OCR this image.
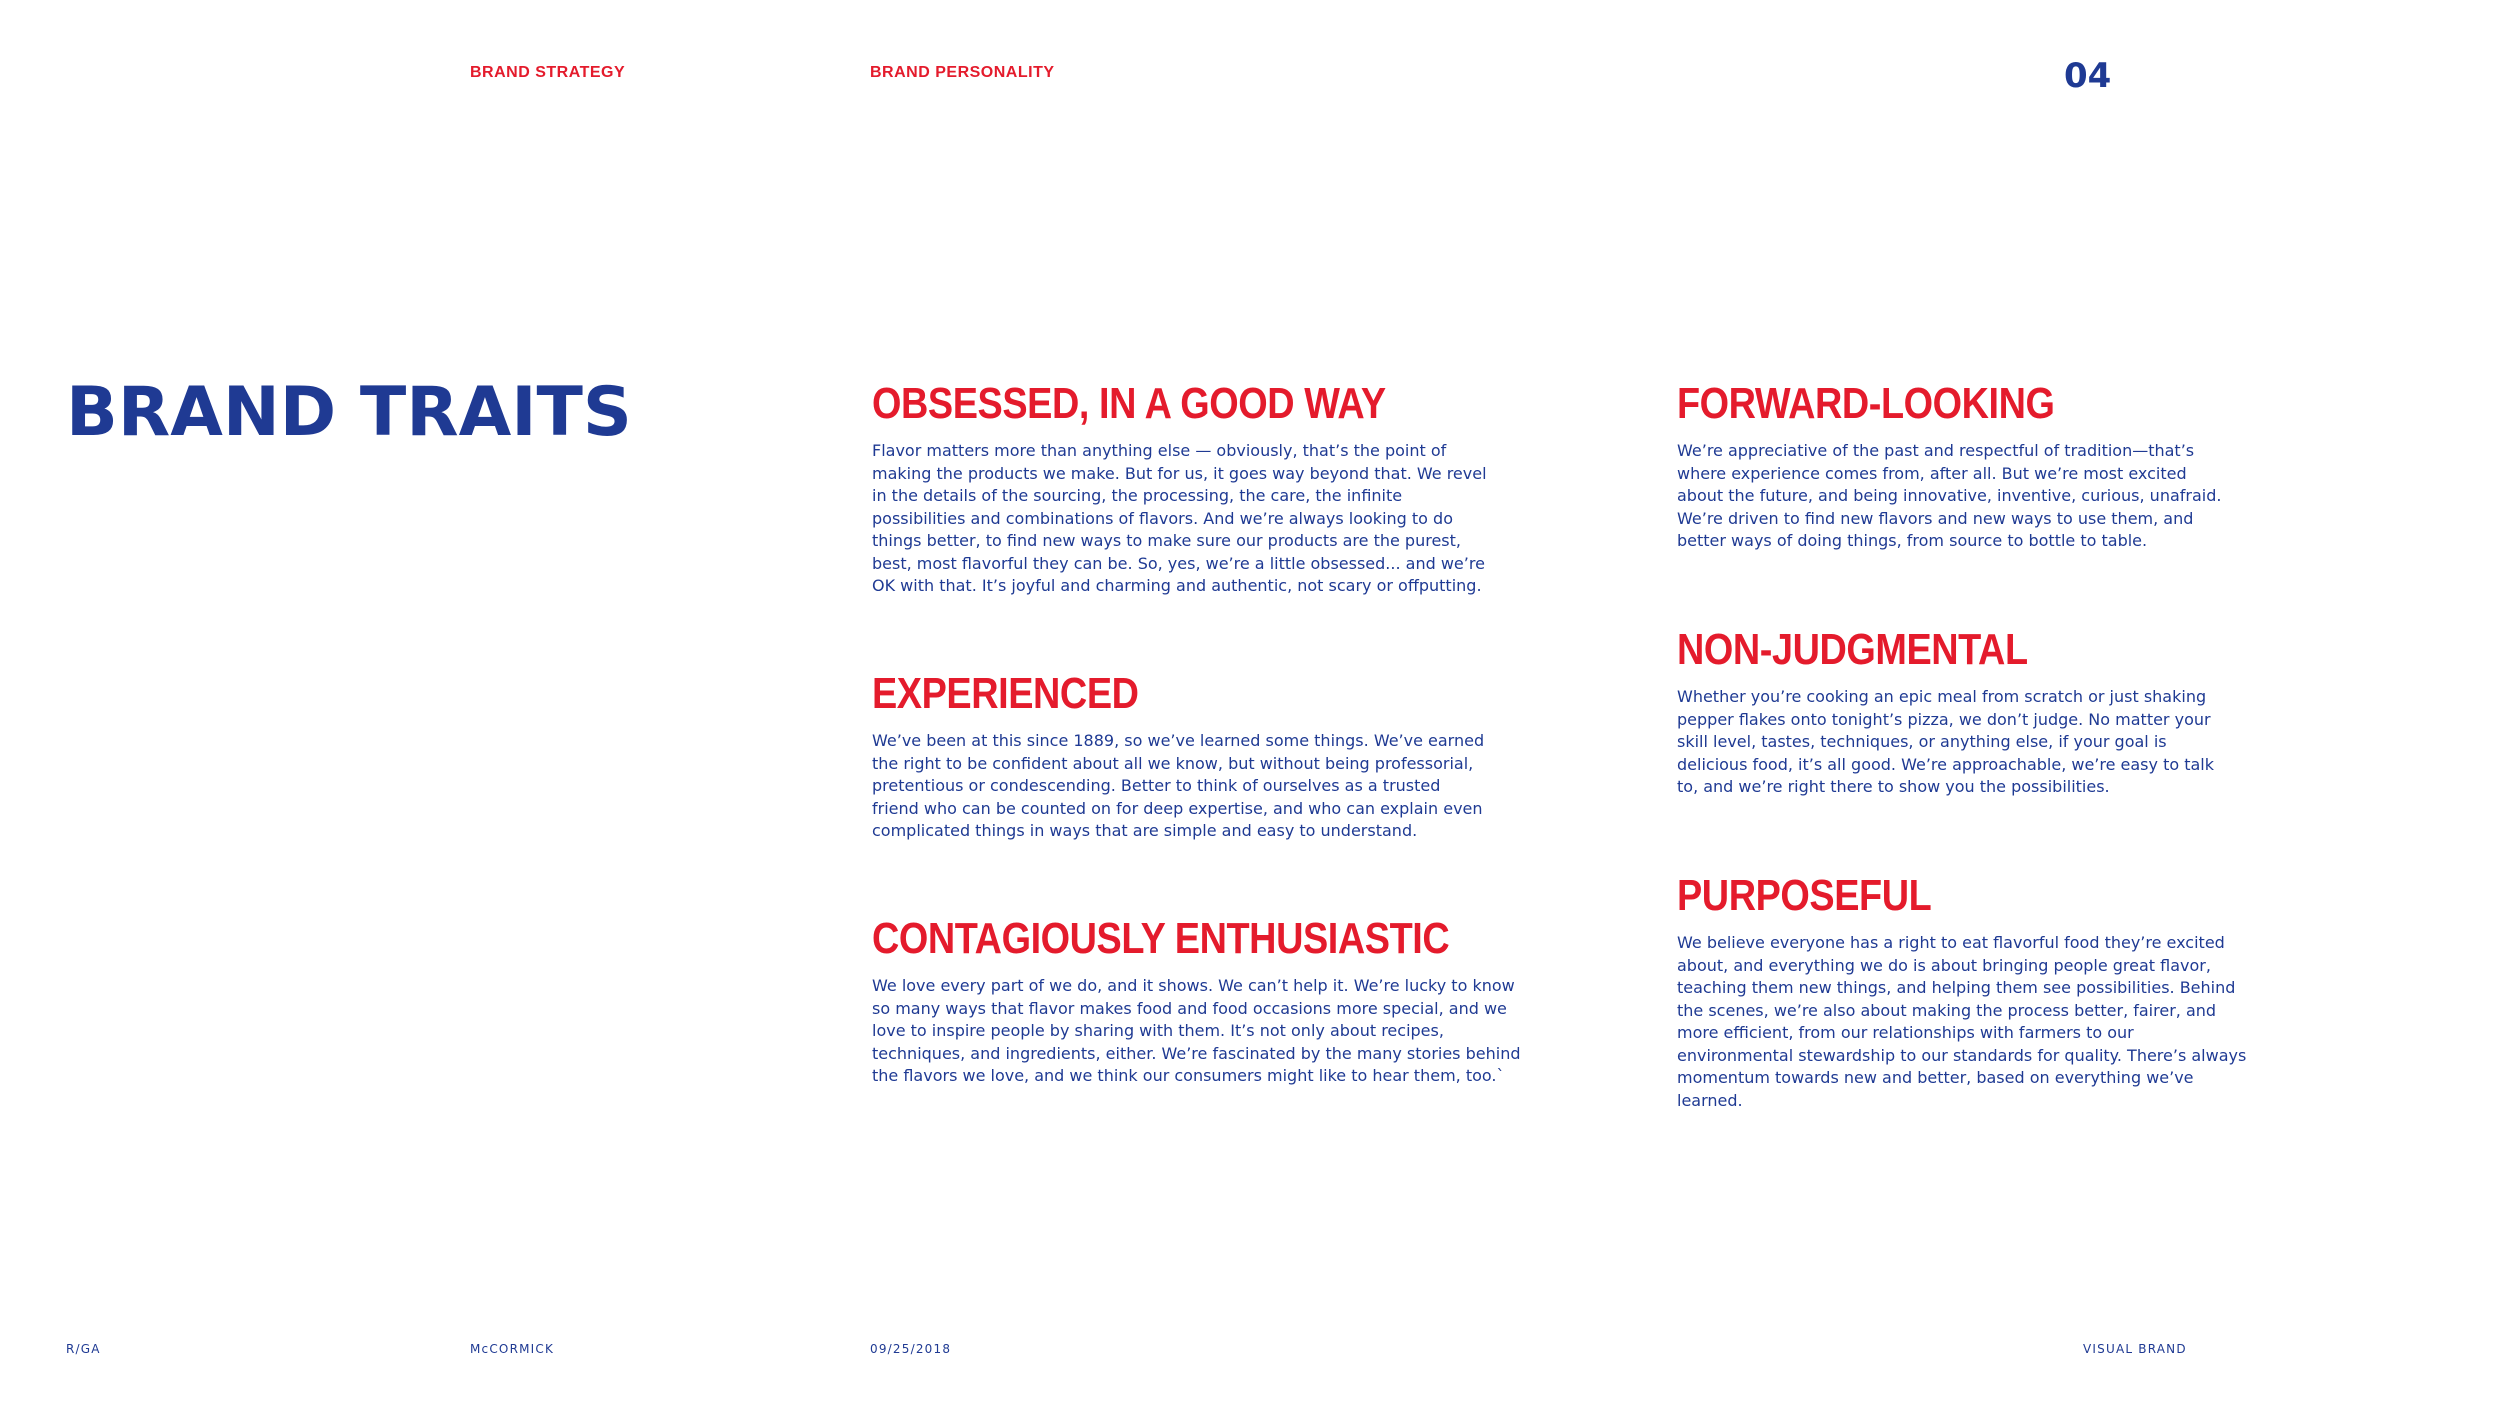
BRAND STRATEGY	BRAND PERSONALITY	04
BRAND TRAITS	OBSESSED, IN A GOOD WAY

Flavor matters more than anything else — obviously, that’s the point of making the products we make. But for us, it goes way beyond that. We revel in the details of the sourcing, the processing, the care, the infinite possibilities and combinations of flavors. And we’re always looking to do things better, to find new ways to make sure our products are the purest, best, most flavorful they can be. So, yes, we’re a little obsessed... and we’re OK with that. It’s joyful and charming and authentic, not scary or offputting.

EXPERIENCED

We’ve been at this since 1889, so we’ve learned some things. We’ve earned the right to be confident about all we know, but without being professorial, pretentious or condescending. Better to think of ourselves as a trusted friend who can be counted on for deep expertise, and who can explain even complicated things in ways that are simple and easy to understand.

CONTAGIOUSLY ENTHUSIASTIC

We love every part of we do, and it shows. We can’t help it. We’re lucky to know so many ways that flavor makes food and food occasions more special, and we love to inspire people by sharing with them. It’s not only about recipes, techniques, and ingredients, either. We’re fascinated by the many stories behind the flavors we love, and we think our consumers might like to hear them, too.`

FORWARD-LOOKING

We’re appreciative of the past and respectful of tradition—that’s where experience comes from, after all. But we’re most excited about the future, and being innovative, inventive, curious, unafraid. We’re driven to find new flavors and new ways to use them, and better ways of doing things, from source to bottle to table.

NON-JUDGMENTAL

Whether you’re cooking an epic meal from scratch or just shaking pepper flakes onto tonight’s pizza, we don’t judge. No matter your skill level, tastes, techniques, or anything else, if your goal is delicious food, it’s all good. We’re approachable, we’re easy to talk to, and we’re right there to show you the possibilities.

PURPOSEFUL

We believe everyone has a right to eat flavorful food they’re excited about, and everything we do is about bringing people great flavor, teaching them new things, and helping them see possibilities. Behind the scenes, we’re also about making the process better, fairer, and more efficient, from our relationships with farmers to our environmental stewardship to our standards for quality. There’s always momentum towards new and better, based on everything we’ve learned.

R/GA	McCORMICK	09/25/2018	VISUAL BRAND
